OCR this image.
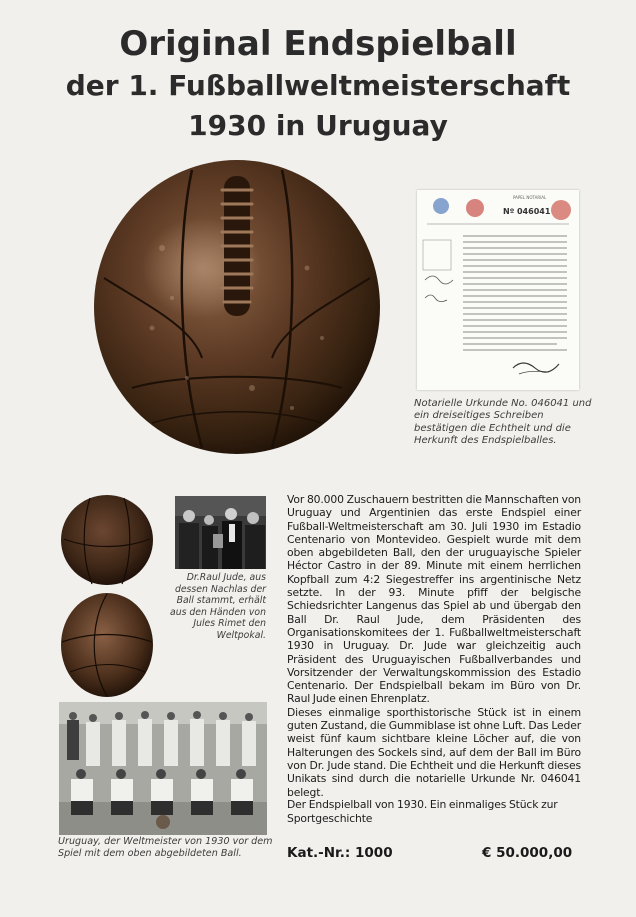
Original Endspielball
der 1. Fußballweltmeisterschaft
1930 in Uruguay
PAPEL NOTARIAL
Nº 046041

Notarielle Urkunde No. 046041 und ein dreiseitiges Schreiben bestätigen die Echtheit und die Herkunft des Endspielballes.

Dr.Raul Jude, aus dessen Nachlas der Ball stammt, erhält aus den Händen von Jules Rimet den Weltpokal.

Uruguay, der Weltmeister von 1930 vor dem Spiel mit dem oben abgebildeten Ball.

Vor 80.000 Zuschauern bestritten die Mannschaften von Uruguay und Argentinien das erste Endspiel einer Fußball-Weltmeisterschaft am 30. Juli 1930 im Estadio Centenario von Montevideo. Gespielt wurde mit dem oben abgebildeten Ball, den der uruguayische Spieler Héctor Castro in der 89. Minute mit einem herrlichen Kopfball zum 4:2 Siegestreffer ins argentinische Netz setzte. In der 93. Minute pfiff der belgische Schiedsrichter Langenus das Spiel ab und übergab den Ball Dr. Raul Jude, dem Präsidenten des Organisationskomitees der 1. Fußballweltmeisterschaft 1930 in Uruguay. Dr. Jude war gleichzeitig auch Präsident des Uruguayischen Fußballverbandes und Vorsitzender der Verwaltungskommission des Estadio Centenario. Der Endspielball bekam im Büro von Dr. Raul Jude einen Ehrenplatz.
Dieses einmalige sporthistorische Stück ist in einem guten Zustand, die Gummiblase ist ohne Luft. Das Leder weist fünf kaum sichtbare kleine Löcher auf, die von Halterungen des Sockels sind, auf dem der Ball im Büro von Dr. Jude stand. Die Echtheit und die Herkunft dieses Unikats sind durch die notarielle Urkunde Nr. 046041 belegt.

Der Endspielball von 1930. Ein einmaliges Stück zur Sportgeschichte

Kat.-Nr.: 1000	€ 50.000,00
